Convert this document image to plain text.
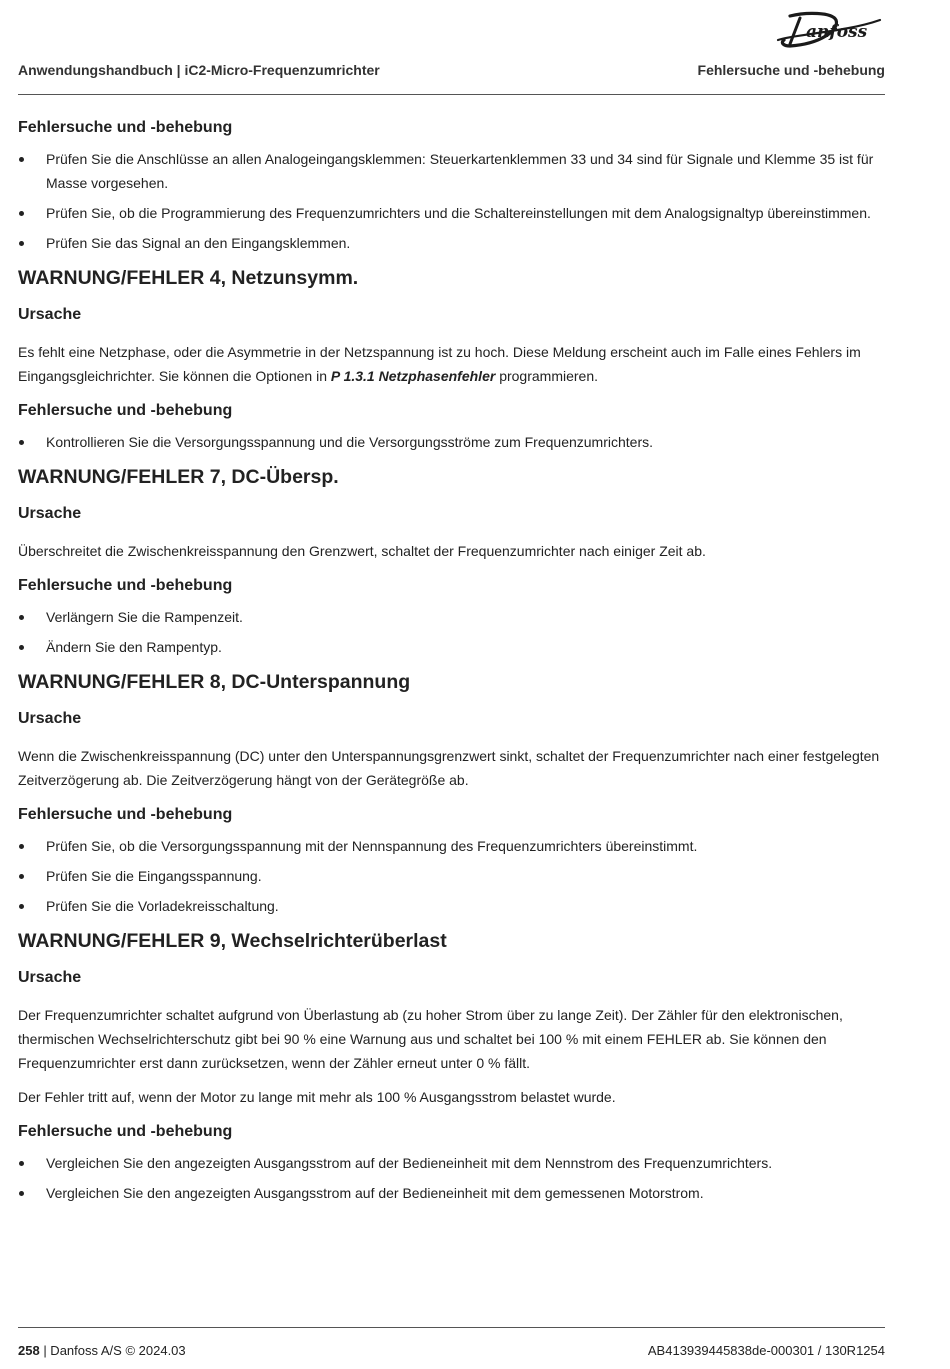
anfoss
Anwendungshandbuch | iC2-Micro-Frequenzumrichter	Fehlersuche und -behebung
Fehlersuche und -behebung
Prüfen Sie die Anschlüsse an allen Analogeingangsklemmen: Steuerkartenklemmen 33 und 34 sind für Signale und Klemme 35 ist für Masse vorgesehen.
Prüfen Sie, ob die Programmierung des Frequenzumrichters und die Schaltereinstellungen mit dem Analogsignaltyp übereinstimmen.
Prüfen Sie das Signal an den Eingangsklemmen.
WARNUNG/FEHLER 4, Netzunsymm.
Ursache
Es fehlt eine Netzphase, oder die Asymmetrie in der Netzspannung ist zu hoch. Diese Meldung erscheint auch im Falle eines Fehlers im Eingangsgleichrichter. Sie können die Optionen in P 1.3.1 Netzphasenfehler programmieren.
Fehlersuche und -behebung
Kontrollieren Sie die Versorgungsspannung und die Versorgungsströme zum Frequenzumrichters.
WARNUNG/FEHLER 7, DC-Übersp.
Ursache
Überschreitet die Zwischenkreisspannung den Grenzwert, schaltet der Frequenzumrichter nach einiger Zeit ab.
Fehlersuche und -behebung
Verlängern Sie die Rampenzeit.
Ändern Sie den Rampentyp.
WARNUNG/FEHLER 8, DC-Unterspannung
Ursache
Wenn die Zwischenkreisspannung (DC) unter den Unterspannungsgrenzwert sinkt, schaltet der Frequenzumrichter nach einer festgelegten Zeitverzögerung ab. Die Zeitverzögerung hängt von der Gerätegröße ab.
Fehlersuche und -behebung
Prüfen Sie, ob die Versorgungsspannung mit der Nennspannung des Frequenzumrichters übereinstimmt.
Prüfen Sie die Eingangsspannung.
Prüfen Sie die Vorladekreisschaltung.
WARNUNG/FEHLER 9, Wechselrichterüberlast
Ursache
Der Frequenzumrichter schaltet aufgrund von Überlastung ab (zu hoher Strom über zu lange Zeit). Der Zähler für den elektronischen, thermischen Wechselrichterschutz gibt bei 90 % eine Warnung aus und schaltet bei 100 % mit einem FEHLER ab. Sie können den Frequenzumrichter erst dann zurücksetzen, wenn der Zähler erneut unter 0 % fällt.
Der Fehler tritt auf, wenn der Motor zu lange mit mehr als 100 % Ausgangsstrom belastet wurde.
Fehlersuche und -behebung
Vergleichen Sie den angezeigten Ausgangsstrom auf der Bedieneinheit mit dem Nennstrom des Frequenzumrichters.
Vergleichen Sie den angezeigten Ausgangsstrom auf der Bedieneinheit mit dem gemessenen Motorstrom.
258 | Danfoss A/S © 2024.03	AB413939445838de-000301 / 130R1254
